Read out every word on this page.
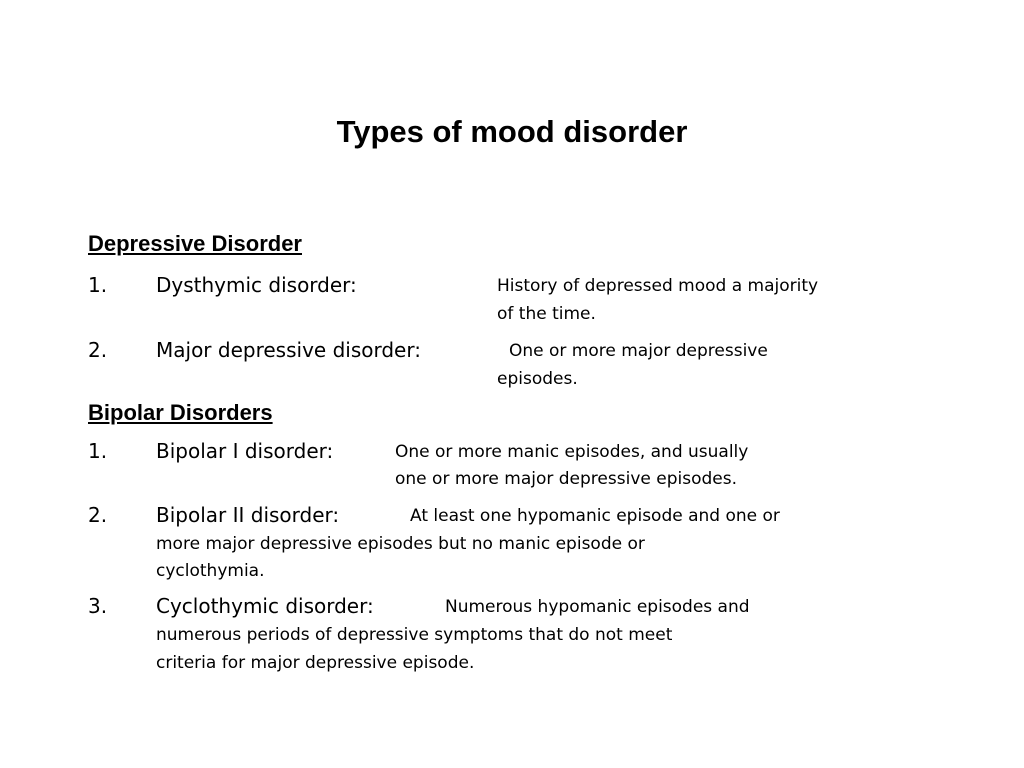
Types of mood disorder
Depressive Disorder
1. Dysthymic disorder:	History of depressed mood a majority
of the time.
2. Major depressive disorder:	One or more major depressive
episodes.
Bipolar Disorders
1. Bipolar I disorder:	One or more manic episodes, and usually
one or more major depressive episodes.
2. Bipolar II disorder:	At least one hypomanic episode and one or
more major depressive episodes but no manic episode or
cyclothymia.
3. Cyclothymic disorder:	Numerous hypomanic episodes and
numerous periods of depressive symptoms that do not meet
criteria for major depressive episode.
